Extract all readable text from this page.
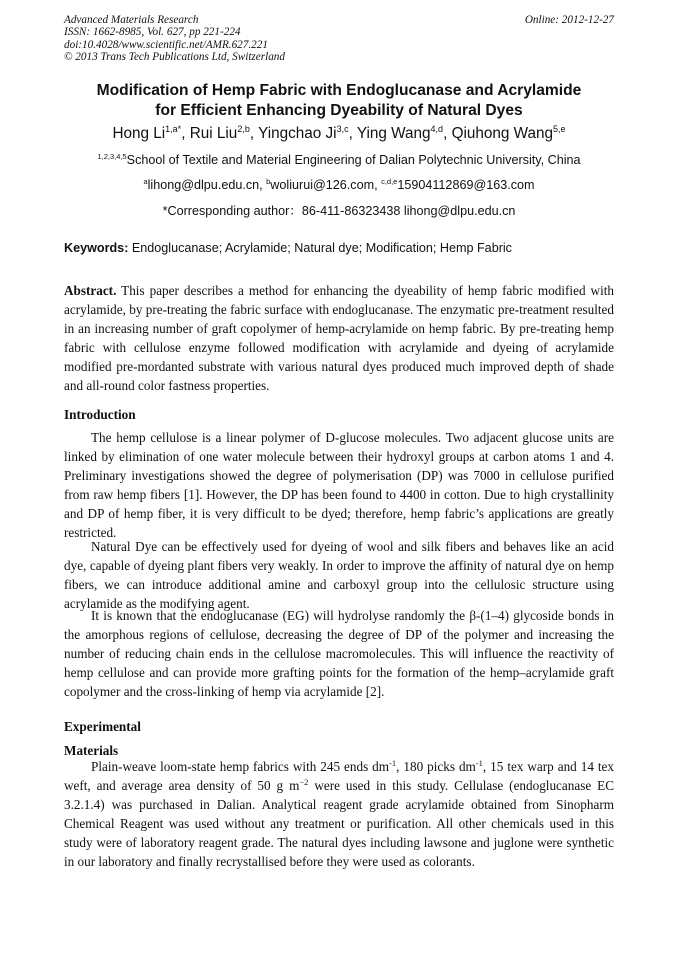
Advanced Materials Research
ISSN: 1662-8985, Vol. 627, pp 221-224
doi:10.4028/www.scientific.net/AMR.627.221
© 2013 Trans Tech Publications Ltd, Switzerland
Online: 2012-12-27
Modification of Hemp Fabric with Endoglucanase and Acrylamide
for Efficient Enhancing Dyeability of Natural Dyes
Hong $Li^{1,a*}$, Rui Liu$^{2,b}$, Yingchao Ji$^{3,c}$, Ying Wang$^{4,d}$, Qiuhong Wang$^{5,e}$
$^{1,2,3,4,5}$School of Textile and Material Engineering of Dalian Polytechnic University, China
$^a$lihong@dlpu.edu.cn, $^b$woliurui@126.com, $^{c,d,e}$15904112869@163.com
*Corresponding author：86-411-86323438 lihong@dlpu.edu.cn
Keywords: Endoglucanase; Acrylamide; Natural dye; Modification; Hemp Fabric
Abstract. This paper describes a method for enhancing the dyeability of hemp fabric modified with acrylamide, by pre-treating the fabric surface with endoglucanase. The enzymatic pre-treatment resulted in an increasing number of graft copolymer of hemp-acrylamide on hemp fabric. By pre-treating hemp fabric with cellulose enzyme followed modification with acrylamide and dyeing of acrylamide modified pre-mordanted substrate with various natural dyes produced much improved depth of shade and all-round color fastness properties.
Introduction
The hemp cellulose is a linear polymer of D-glucose molecules. Two adjacent glucose units are linked by elimination of one water molecule between their hydroxyl groups at carbon atoms 1 and 4. Preliminary investigations showed the degree of polymerisation (DP) was 7000 in cellulose purified from raw hemp fibers [1]. However, the DP has been found to 4400 in cotton. Due to high crystallinity and DP of hemp fiber, it is very difficult to be dyed; therefore, hemp fabric’s applications are greatly restricted.
Natural Dye can be effectively used for dyeing of wool and silk fibers and behaves like an acid dye, capable of dyeing plant fibers very weakly. In order to improve the affinity of natural dye on hemp fibers, we can introduce additional amine and carboxyl group into the cellulosic structure using acrylamide as the modifying agent.
It is known that the endoglucanase (EG) will hydrolyse randomly the β-(1–4) glycoside bonds in the amorphous regions of cellulose, decreasing the degree of DP of the polymer and increasing the number of reducing chain ends in the cellulose macromolecules. This will influence the reactivity of hemp cellulose and can provide more grafting points for the formation of the hemp–acrylamide graft copolymer and the cross-linking of hemp via acrylamide [2].
Experimental
Materials
Plain-weave loom-state hemp fabrics with 245 ends $dm^{-1}$, 180 picks $dm^{-1}$, 15 tex warp and 14 tex weft, and average area density of 50 g $m^{-2}$ were used in this study. Cellulase (endoglucanase EC 3.2.1.4) was purchased in Dalian. Analytical reagent grade acrylamide obtained from Sinopharm Chemical Reagent was used without any treatment or purification. All other chemicals used in this study were of laboratory reagent grade. The natural dyes including lawsone and juglone were synthetic in our laboratory and finally recrystallised before they were used as colorants.
